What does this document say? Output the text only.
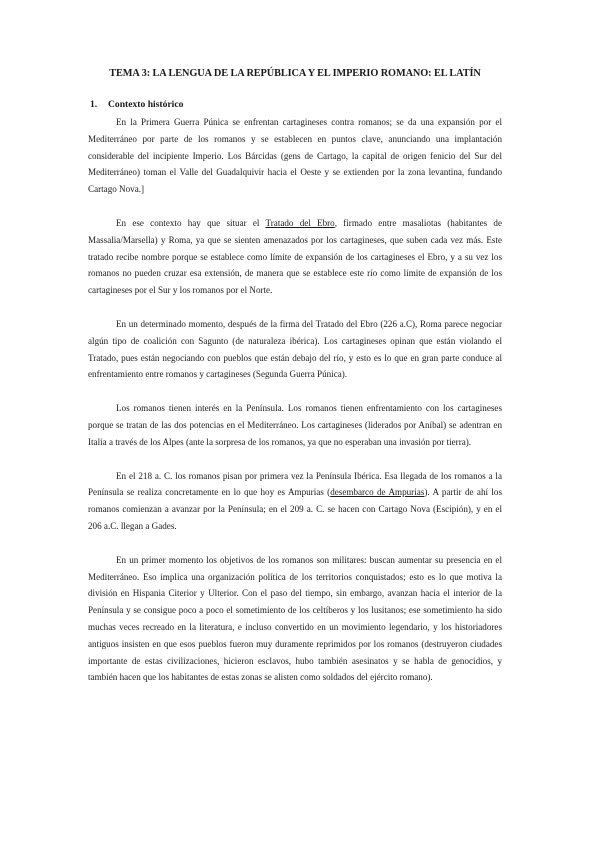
TEMA 3: LA LENGUA DE LA REPÚBLICA Y EL IMPERIO ROMANO: EL LATÍN
1. Contexto histórico

En la Primera Guerra Púnica se enfrentan cartagineses contra romanos; se da una expansión por el Mediterráneo por parte de los romanos y se establecen en puntos clave, anunciando una implantación considerable del incipiente Imperio. Los Bárcidas (gens de Cartago, la capital de origen fenicio del Sur del Mediterráneo) toman el Valle del Guadalquivir hacia el Oeste y se extienden por la zona levantina, fundando Cartago Nova.]

En ese contexto hay que situar el Tratado del Ebro, firmado entre masaliotas (habitantes de Massalia/Marsella) y Roma, ya que se sienten amenazados por los cartagineses, que suben cada vez más. Este tratado recibe nombre porque se establece como límite de expansión de los cartagineses el Ebro, y a su vez los romanos no pueden cruzar esa extensión, de manera que se establece este río como límite de expansión de los cartagineses por el Sur y los romanos por el Norte.

En un determinado momento, después de la firma del Tratado del Ebro (226 a.C), Roma parece negociar algún tipo de coalición con Sagunto (de naturaleza ibérica). Los cartagineses opinan que están violando el Tratado, pues están negociando con pueblos que están debajo del río, y esto es lo que en gran parte conduce al enfrentamiento entre romanos y cartagineses (Segunda Guerra Púnica).

Los romanos tienen interés en la Península. Los romanos tienen enfrentamiento con los cartagineses porque se tratan de las dos potencias en el Mediterráneo. Los cartagineses (liderados por Aníbal) se adentran en Italia a través de los Alpes (ante la sorpresa de los romanos, ya que no esperaban una invasión por tierra).

En el 218 a. C. los romanos pisan por primera vez la Península Ibérica. Esa llegada de los romanos a la Península se realiza concretamente en lo que hoy es Ampurias (desembarco de Ampurias). A partir de ahí los romanos comienzan a avanzar por la Península; en el 209 a. C. se hacen con Cartago Nova (Escipión), y en el 206 a.C. llegan a Gades.

En un primer momento los objetivos de los romanos son militares: buscan aumentar su presencia en el Mediterráneo. Eso implica una organización política de los territorios conquistados; esto es lo que motiva la división en Hispania Citerior y Ulterior. Con el paso del tiempo, sin embargo, avanzan hacia el interior de la Península y se consigue poco a poco el sometimiento de los celtíberos y los lusitanos; ese sometimiento ha sido muchas veces recreado en la literatura, e incluso convertido en un movimiento legendario, y los historiadores antiguos insisten en que esos pueblos fueron muy duramente reprimidos por los romanos (destruyeron ciudades importante de estas civilizaciones, hicieron esclavos, hubo también asesinatos y se habla de genocidios, y también hacen que los habitantes de estas zonas se alisten como soldados del ejército romano).
